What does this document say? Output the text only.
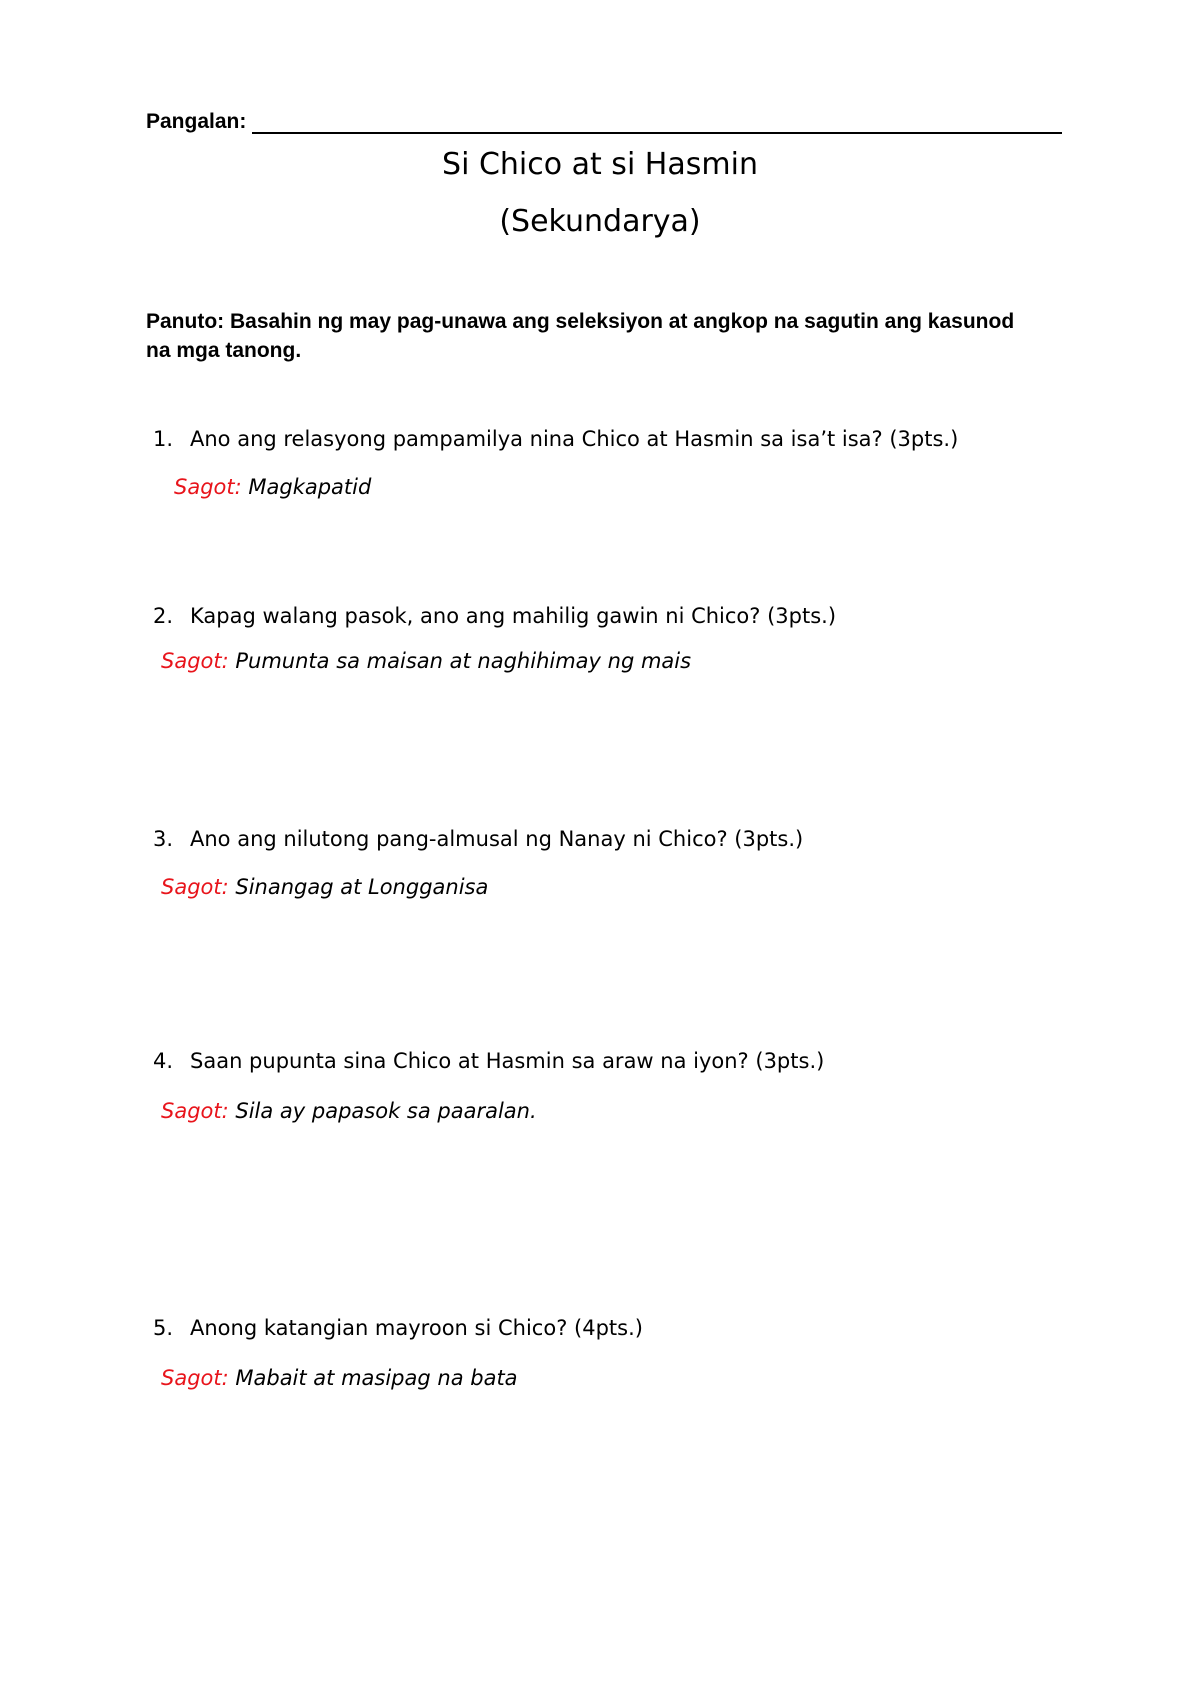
Pangalan:
Si Chico at si Hasmin
(Sekundarya)
Panuto: Basahin ng may pag-unawa ang seleksiyon at angkop na sagutin ang kasunod na mga tanong.
1. Ano ang relasyong pampamilya nina Chico at Hasmin sa isa’t isa? (3pts.)
Sagot: Magkapatid
2. Kapag walang pasok, ano ang mahilig gawin ni Chico? (3pts.)
Sagot: Pumunta sa maisan at naghihimay ng mais
3. Ano ang nilutong pang-almusal ng Nanay ni Chico? (3pts.)
Sagot: Sinangag at Longganisa
4. Saan pupunta sina Chico at Hasmin sa araw na iyon? (3pts.)
Sagot: Sila ay papasok sa paaralan.
5. Anong katangian mayroon si Chico? (4pts.)
Sagot: Mabait at masipag na bata
